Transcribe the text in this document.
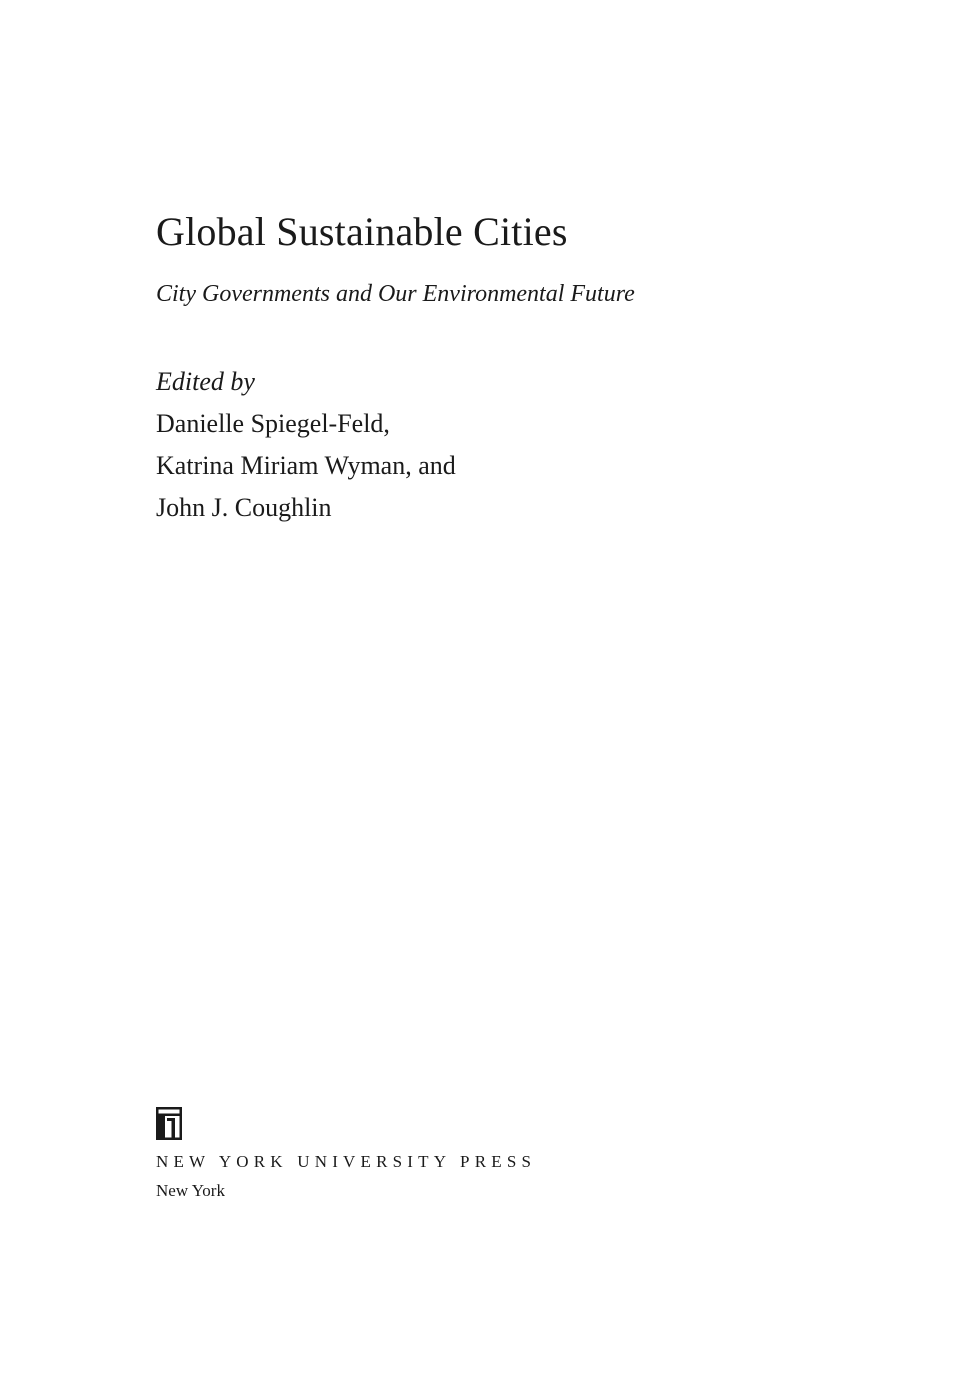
Global Sustainable Cities

City Governments and Our Environmental Future

Edited by
Danielle Spiegel-Feld,
Katrina Miriam Wyman, and
John J. Coughlin

NEW YORK UNIVERSITY PRESS

New York
